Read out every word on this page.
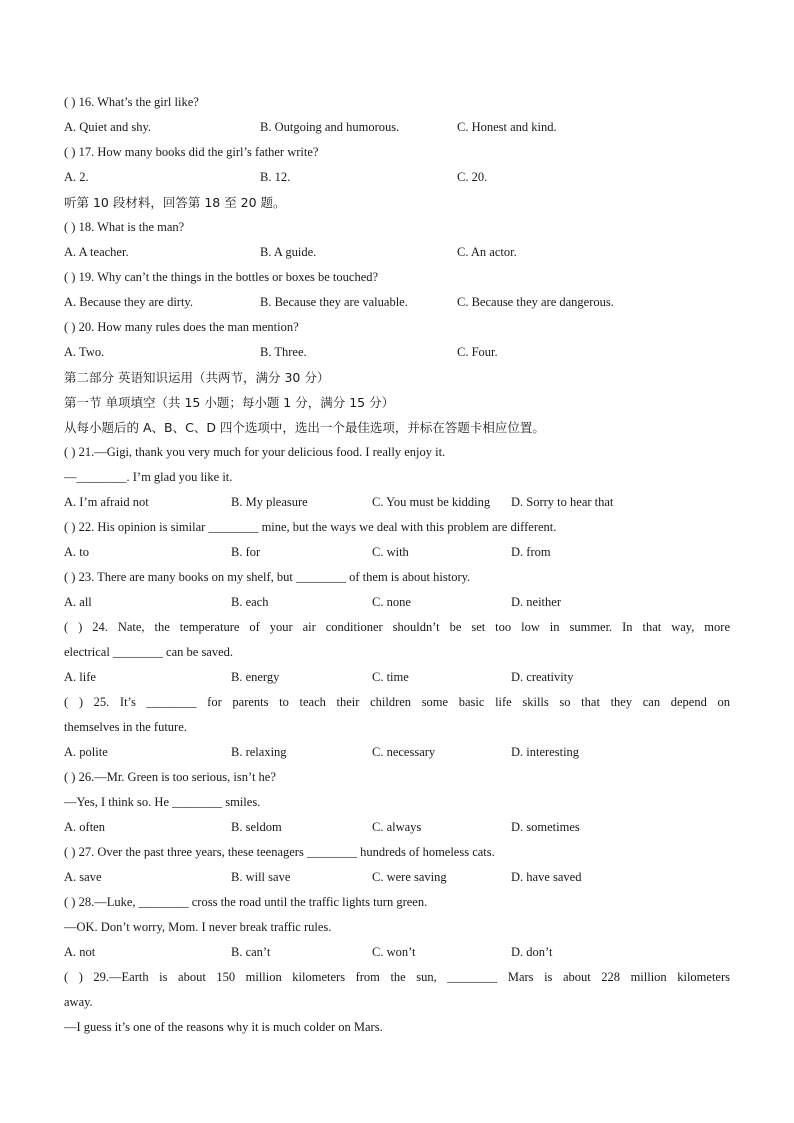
( ) 16. What’s the girl like?
A. Quiet and shy.	B. Outgoing and humorous.	C. Honest and kind.
( ) 17. How many books did the girl’s father write?
A. 2.	B. 12.	C. 20.
听第 10 段材料，回答第 18 至 20 题。
( ) 18. What is the man?
A. A teacher.	B. A guide.	C. An actor.
( ) 19. Why can’t the things in the bottles or boxes be touched?
A. Because they are dirty.	B. Because they are valuable.	C. Because they are dangerous.
( ) 20. How many rules does the man mention?
A. Two.	B. Three.	C. Four.
第二部分 英语知识运用（共两节，满分 30 分）
第一节 单项填空（共 15 小题；每小题 1 分，满分 15 分）
从每小题后的 A、B、C、D 四个选项中，选出一个最佳选项，并标在答题卡相应位置。
( ) 21.—Gigi, thank you very much for your delicious food. I really enjoy it.
—________. I’m glad you like it.
A. I’m afraid not	B. My pleasure	C. You must be kidding	D. Sorry to hear that
( ) 22. His opinion is similar ________ mine, but the ways we deal with this problem are different.
A. to	B. for	C. with	D. from
( ) 23. There are many books on my shelf, but ________ of them is about history.
A. all	B. each	C. none	D. neither
( ) 24. Nate, the temperature of your air conditioner shouldn’t be set too low in summer. In that way, more
electrical ________ can be saved.
A. life	B. energy	C. time	D. creativity
( ) 25. It’s ________ for parents to teach their children some basic life skills so that they can depend on
themselves in the future.
A. polite	B. relaxing	C. necessary	D. interesting
( ) 26.—Mr. Green is too serious, isn’t he?
—Yes, I think so. He ________ smiles.
A. often	B. seldom	C. always	D. sometimes
( ) 27. Over the past three years, these teenagers ________ hundreds of homeless cats.
A. save	B. will save	C. were saving	D. have saved
( ) 28.—Luke, ________ cross the road until the traffic lights turn green.
—OK. Don’t worry, Mom. I never break traffic rules.
A. not	B. can’t	C. won’t	D. don’t
( ) 29.—Earth is about 150 million kilometers from the sun, ________ Mars is about 228 million kilometers
away.
—I guess it’s one of the reasons why it is much colder on Mars.
